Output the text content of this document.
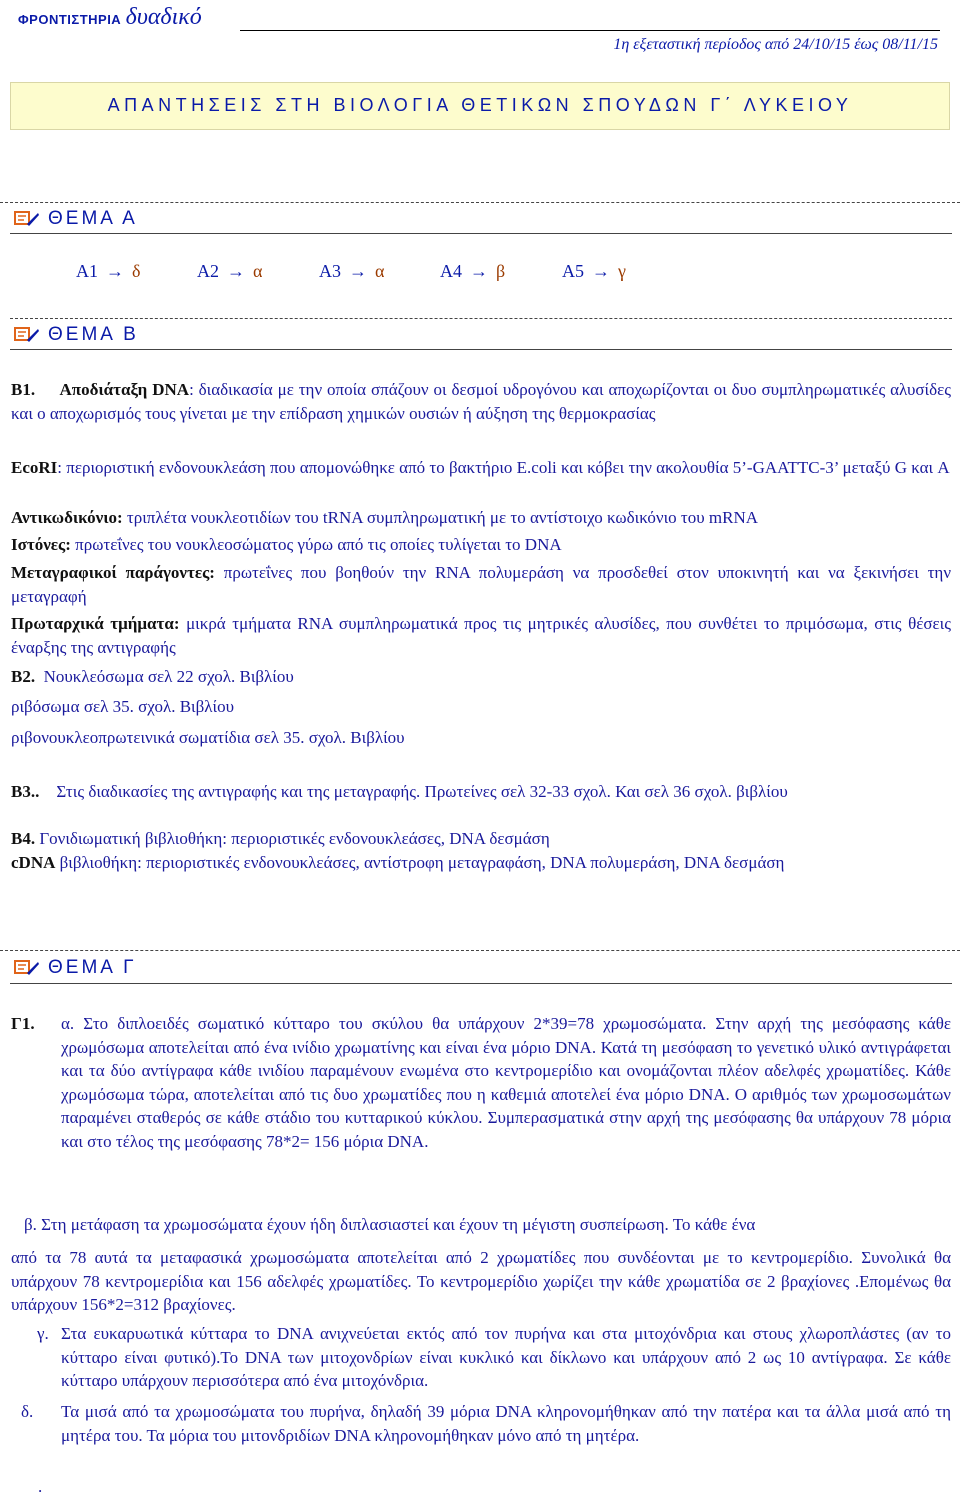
ΦΡΟΝΤΙΣΤΗΡΙΑ δυαδικό
1η εξεταστική περίοδος από 24/10/15 έως 08/11/15
ΑΠΑΝΤΗΣΕΙΣ ΣΤΗ ΒΙΟΛΟΓΙΑ ΘΕΤΙΚΩΝ ΣΠΟΥΔΩΝ Γ΄ ΛΥΚΕΙΟΥ
ΘΕΜΑ Α
Α1 → δ	Α2 → α	Α3 → α	Α4 → β	Α5 → γ
ΘΕΜΑ Β
Β1. Αποδιάταξη DNA: διαδικασία με την οποία σπάζουν οι δεσμοί υδρογόνου και αποχωρίζονται οι δυο συμπληρωματικές αλυσίδες και ο αποχωρισμός τους γίνεται με την επίδραση χημικών ουσιών ή αύξηση της θερμοκρασίας
EcoRI: περιοριστική ενδονουκλεάση που απομονώθηκε από το βακτήριο E.coli και κόβει την ακολουθία 5’-GAATTC-3’ μεταξύ G και A
Αντικωδικόνιο: τριπλέτα νουκλεοτιδίων του tRNA συμπληρωματική με το αντίστοιχο κωδικόνιο του mRNA
Ιστόνες: πρωτεΐνες του νουκλεοσώματος γύρω από τις οποίες τυλίγεται το DNA
Μεταγραφικοί παράγοντες: πρωτεΐνες που βοηθούν την RNA πολυμεράση να προσδεθεί στον υποκινητή και να ξεκινήσει την μεταγραφή
Πρωταρχικά τμήματα: μικρά τμήματα RNA συμπληρωματικά προς τις μητρικές αλυσίδες, που συνθέτει το πριμόσωμα, στις θέσεις έναρξης της αντιγραφής
Β2. Νουκλεόσωμα σελ 22 σχολ. Βιβλίου
ριβόσωμα σελ 35. σχολ. Βιβλίου
ριβονουκλεοπρωτεινικά σωματίδια σελ 35. σχολ. Βιβλίου
Β3.. Στις διαδικασίες της αντιγραφής και της μεταγραφής. Πρωτείνες σελ 32-33 σχολ. Και σελ 36 σχολ. βιβλίου
Β4. Γονιδιωματική βιβλιοθήκη: περιοριστικές ενδονουκλεάσες, DNA δεσμάση
cDNA βιβλιοθήκη: περιοριστικές ενδονουκλεάσες, αντίστροφη μεταγραφάση, DNA πολυμεράση, DNA δεσμάση
ΘΕΜΑ Γ
Γ1. α. Στο διπλοειδές σωματικό κύτταρο του σκύλου θα υπάρχουν 2*39=78 χρωμοσώματα. Στην αρχή της μεσόφασης κάθε χρωμόσωμα αποτελείται από ένα ινίδιο χρωματίνης και είναι ένα μόριο DNA. Κατά τη μεσόφαση το γενετικό υλικό αντιγράφεται και τα δύο αντίγραφα κάθε ινιδίου παραμένουν ενωμένα στο κεντρομερίδιο και ονομάζονται πλέον αδελφές χρωματίδες. Κάθε χρωμόσωμα τώρα, αποτελείται από τις δυο χρωματίδες που η καθεμιά αποτελεί ένα μόριο DNA. Ο αριθμός των χρωμοσωμάτων παραμένει σταθερός σε κάθε στάδιο του κυτταρικού κύκλου. Συμπερασματικά στην αρχή της μεσόφασης θα υπάρχουν 78 μόρια και στο τέλος της μεσόφασης 78*2= 156 μόρια DNA.
β. Στη μετάφαση τα χρωμοσώματα έχουν ήδη διπλασιαστεί και έχουν τη μέγιστη συσπείρωση. Το κάθε ένα
από τα 78 αυτά τα μεταφασικά χρωμοσώματα αποτελείται από 2 χρωματίδες που συνδέονται με το κεντρομερίδιο. Συνολικά θα υπάρχουν 78 κεντρομερίδια και 156 αδελφές χρωματίδες. Το κεντρομερίδιο χωρίζει την κάθε χρωματίδα σε 2 βραχίονες .Επομένως θα υπάρχουν 156*2=312 βραχίονες.
γ. Στα ευκαρυωτικά κύτταρα το DNA ανιχνεύεται εκτός από τον πυρήνα και στα μιτοχόνδρια και στους χλωροπλάστες (αν το κύτταρο είναι φυτικό).Το DNA των μιτοχονδρίων είναι κυκλικό και δίκλωνο και υπάρχουν από 2 ως 10 αντίγραφα. Σε κάθε κύτταρο υπάρχουν περισσότερα από ένα μιτοχόνδρια.
δ. Τα μισά από τα χρωμοσώματα του πυρήνα, δηλαδή 39 μόρια DNA κληρονομήθηκαν από την πατέρα και τα άλλα μισά από τη μητέρα του. Τα μόρια του μιτονδριδίων DNA κληρονομήθηκαν μόνο από τη μητέρα.
.
